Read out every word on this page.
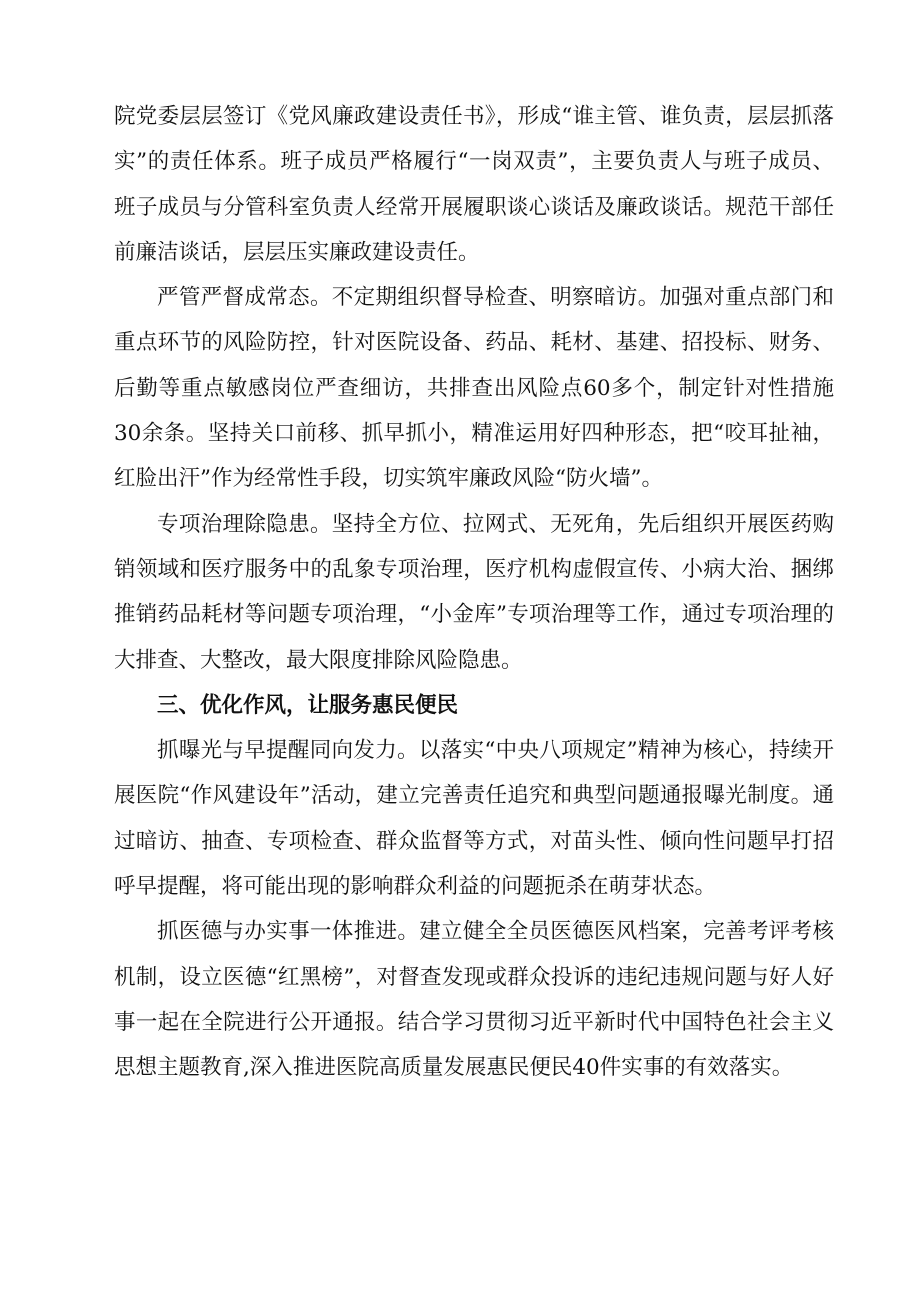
院党委层层签订《党风廉政建设责任书》，形成“谁主管、谁负责，层层抓落实”的责任体系。班子成员严格履行“一岗双责”，主要负责人与班子成员、班子成员与分管科室负责人经常开展履职谈心谈话及廉政谈话。规范干部任前廉洁谈话，层层压实廉政建设责任。

严管严督成常态。不定期组织督导检查、明察暗访。加强对重点部门和重点环节的风险防控，针对医院设备、药品、耗材、基建、招投标、财务、后勤等重点敏感岗位严查细访，共排查出风险点60多个，制定针对性措施30余条。坚持关口前移、抓早抓小，精准运用好四种形态，把“咬耳扯袖，红脸出汗”作为经常性手段，切实筑牢廉政风险“防火墙”。

专项治理除隐患。坚持全方位、拉网式、无死角，先后组织开展医药购销领域和医疗服务中的乱象专项治理，医疗机构虚假宣传、小病大治、捆绑推销药品耗材等问题专项治理，“小金库”专项治理等工作，通过专项治理的大排查、大整改，最大限度排除风险隐患。

三、优化作风，让服务惠民便民

抓曝光与早提醒同向发力。以落实“中央八项规定”精神为核心，持续开展医院“作风建设年”活动，建立完善责任追究和典型问题通报曝光制度。通过暗访、抽查、专项检查、群众监督等方式，对苗头性、倾向性问题早打招呼早提醒，将可能出现的影响群众利益的问题扼杀在萌芽状态。

抓医德与办实事一体推进。建立健全全员医德医风档案，完善考评考核机制，设立医德“红黑榜”，对督查发现或群众投诉的违纪违规问题与好人好事一起在全院进行公开通报。结合学习贯彻习近平新时代中国特色社会主义思想主题教育,深入推进医院高质量发展惠民便民40件实事的有效落实。
